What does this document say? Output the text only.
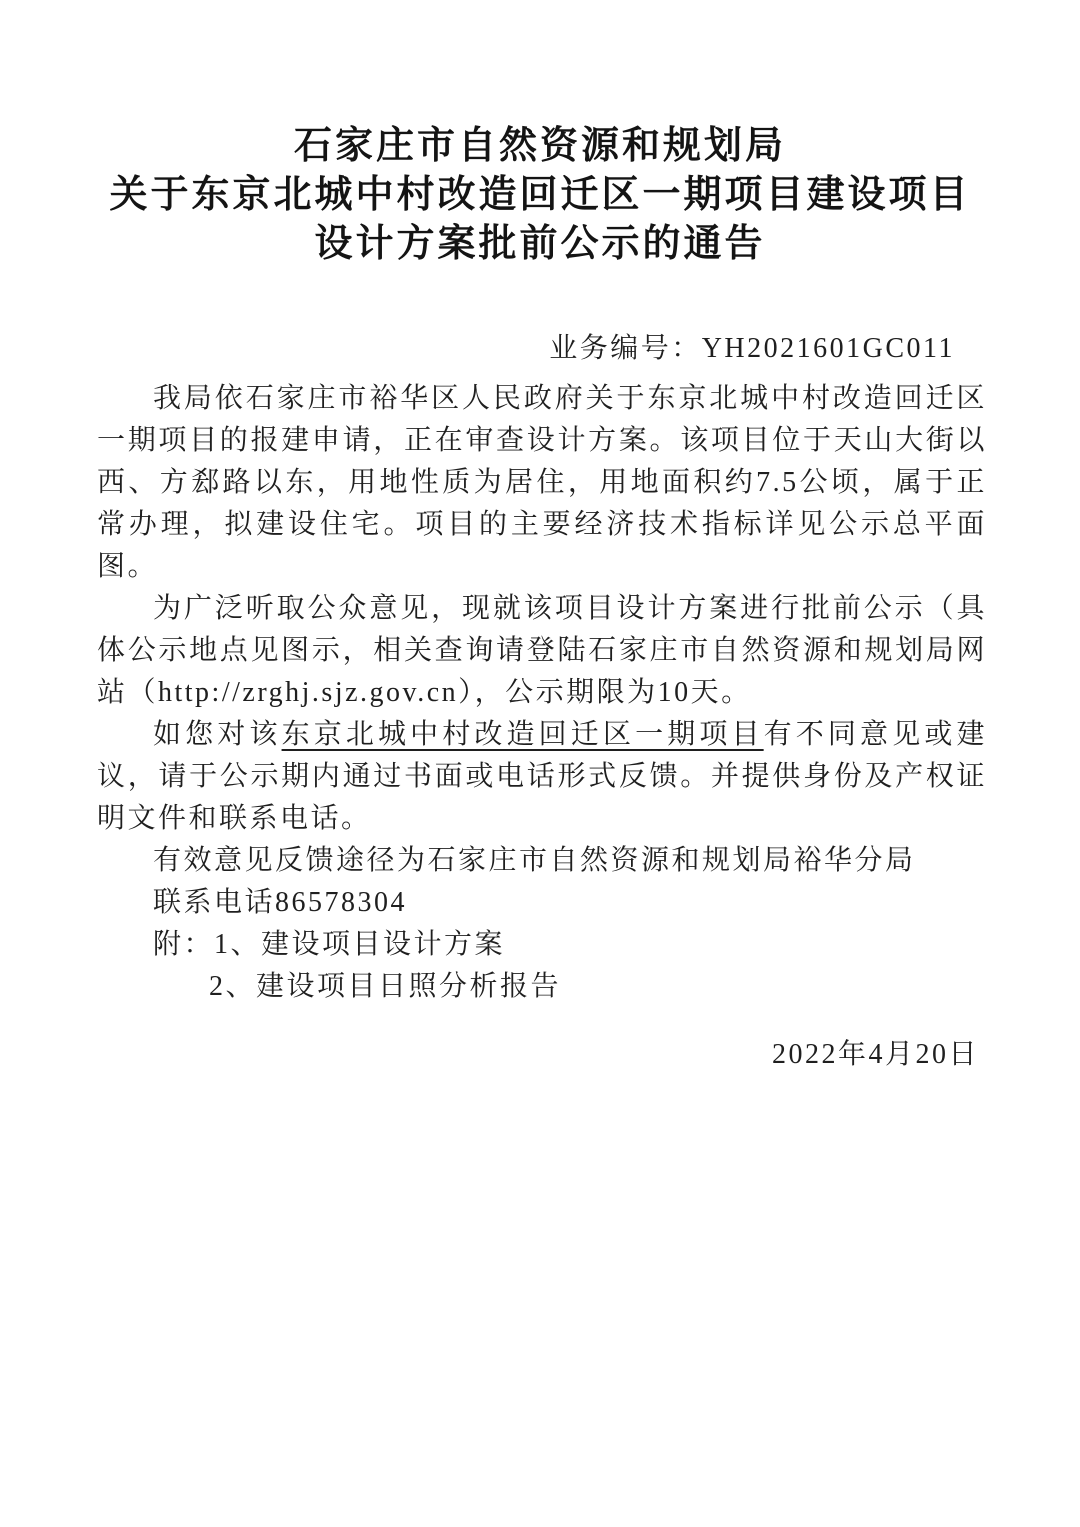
石家庄市自然资源和规划局
关于东京北城中村改造回迁区一期项目建设项目
设计方案批前公示的通告

业务编号：YH2021601GC011

我局依石家庄市裕华区人民政府关于东京北城中村改造回迁区一期项目的报建申请，正在审查设计方案。该项目位于天山大街以西、方郄路以东，用地性质为居住，用地面积约7.5公顷，属于正常办理，拟建设住宅。项目的主要经济技术指标详见公示总平面图。

为广泛听取公众意见，现就该项目设计方案进行批前公示（具体公示地点见图示，相关查询请登陆石家庄市自然资源和规划局网站（http://zrghj.sjz.gov.cn），公示期限为10天。

如您对该东京北城中村改造回迁区一期项目有不同意见或建议，请于公示期内通过书面或电话形式反馈。并提供身份及产权证明文件和联系电话。

有效意见反馈途径为石家庄市自然资源和规划局裕华分局

联系电话86578304

附：1、建设项目设计方案

2、建设项目日照分析报告

2022年4月20日
